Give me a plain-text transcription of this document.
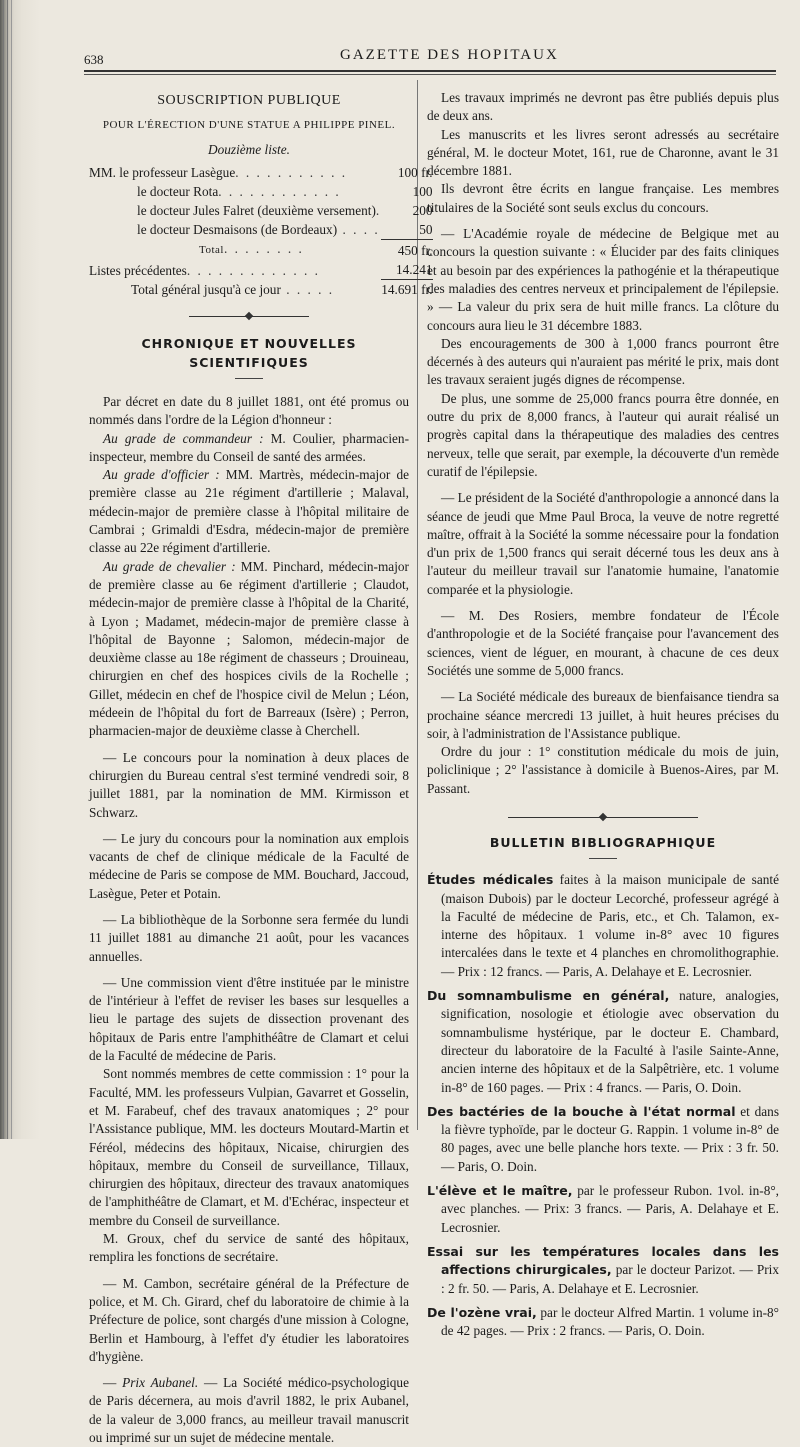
638	GAZETTE DES HOPITAUX

SOUSCRIPTION PUBLIQUE

POUR L'ÉRECTION D'UNE STATUE A PHILIPPE PINEL.

Douzième liste.

MM. le professeur Lasègue. . . . . . . . . . .	100 fr.
le docteur Rota. . . . . . . . . . . .	100
le docteur Jules Falret (deuxième versement).	200
le docteur Desmaisons (de Bordeaux) . . . .	50
Total. . . . . . . .	450 fr.
Listes précédentes. . . . . . . . . . . . .	14.241
Total général jusqu'à ce jour . . . . .	14.691 fr.

CHRONIQUE ET NOUVELLES SCIENTIFIQUES

Par décret en date du 8 juillet 1881, ont été promus ou nommés dans l'ordre de la Légion d'honneur :

Au grade de commandeur : M. Coulier, pharmacien-inspecteur, membre du Conseil de santé des armées.

Au grade d'officier : MM. Martrès, médecin-major de première classe au 21e régiment d'artillerie ; Malaval, médecin-major de première classe à l'hôpital militaire de Cambrai ; Grimaldi d'Esdra, médecin-major de première classe au 22e régiment d'artillerie.

Au grade de chevalier : MM. Pinchard, médecin-major de première classe au 6e régiment d'artillerie ; Claudot, médecin-major de première classe à l'hôpital de la Charité, à Lyon ; Madamet, médecin-major de première classe à l'hôpital de Bayonne ; Salomon, médecin-major de deuxième classe au 18e régiment de chasseurs ; Drouineau, chirurgien en chef des hospices civils de la Rochelle ; Gillet, médecin en chef de l'hospice civil de Melun ; Léon, médeein de l'hôpital du fort de Barreaux (Isère) ; Perron, pharmacien-major de deuxième classe à Cherchell.

— Le concours pour la nomination à deux places de chirurgien du Bureau central s'est terminé vendredi soir, 8 juillet 1881, par la nomination de MM. Kirmisson et Schwarz.

— Le jury du concours pour la nomination aux emplois vacants de chef de clinique médicale de la Faculté de médecine de Paris se compose de MM. Bouchard, Jaccoud, Lasègue, Peter et Potain.

— La bibliothèque de la Sorbonne sera fermée du lundi 11 juillet 1881 au dimanche 21 août, pour les vacances annuelles.

— Une commission vient d'être instituée par le ministre de l'intérieur à l'effet de reviser les bases sur lesquelles a lieu le partage des sujets de dissection provenant des hôpitaux de Paris entre l'amphithéâtre de Clamart et celui de la Faculté de médecine de Paris.

Sont nommés membres de cette commission : 1° pour la Faculté, MM. les professeurs Vulpian, Gavarret et Gosselin, et M. Farabeuf, chef des travaux anatomiques ; 2° pour l'Assistance publique, MM. les docteurs Moutard-Martin et Féréol, médecins des hôpitaux, Nicaise, chirurgien des hôpitaux, membre du Conseil de surveillance, Tillaux, chirurgien des hôpitaux, directeur des travaux anatomiques de l'amphithéâtre de Clamart, et M. d'Echérac, inspecteur et membre du Conseil de surveillance.

M. Groux, chef du service de santé des hôpitaux, remplira les fonctions de secrétaire.

— M. Cambon, secrétaire général de la Préfecture de police, et M. Ch. Girard, chef du laboratoire de chimie à la Préfecture de police, sont chargés d'une mission à Cologne, Berlin et Hambourg, à l'effet d'y étudier les laboratoires d'hygiène.

— Prix Aubanel. — La Société médico-psychologique de Paris décernera, au mois d'avril 1882, le prix Aubanel, de la valeur de 3,000 francs, au meilleur travail manuscrit ou imprimé sur un sujet de médecine mentale.

Les travaux imprimés ne devront pas être publiés depuis plus de deux ans.

Les manuscrits et les livres seront adressés au secrétaire général, M. le docteur Motet, 161, rue de Charonne, avant le 31 décembre 1881.

Ils devront être écrits en langue française. Les membres titulaires de la Société sont seuls exclus du concours.

— L'Académie royale de médecine de Belgique met au concours la question suivante : « Élucider par des faits cliniques et au besoin par des expériences la pathogénie et la thérapeutique des maladies des centres nerveux et principalement de l'épilepsie. » — La valeur du prix sera de huit mille francs. La clôture du concours aura lieu le 31 décembre 1883.

Des encouragements de 300 à 1,000 francs pourront être décernés à des auteurs qui n'auraient pas mérité le prix, mais dont les travaux seraient jugés dignes de récompense.

De plus, une somme de 25,000 francs pourra être donnée, en outre du prix de 8,000 francs, à l'auteur qui aurait réalisé un progrès capital dans la thérapeutique des maladies des centres nerveux, telle que serait, par exemple, la découverte d'un remède curatif de l'épilepsie.

— Le président de la Société d'anthropologie a annoncé dans la séance de jeudi que Mme Paul Broca, la veuve de notre regretté maître, offrait à la Société la somme nécessaire pour la fondation d'un prix de 1,500 francs qui serait décerné tous les deux ans à l'auteur du meilleur travail sur l'anatomie humaine, l'anatomie comparée et la physiologie.

— M. Des Rosiers, membre fondateur de l'École d'anthropologie et de la Société française pour l'avancement des sciences, vient de léguer, en mourant, à chacune de ces deux Sociétés une somme de 5,000 francs.

— La Société médicale des bureaux de bienfaisance tiendra sa prochaine séance mercredi 13 juillet, à huit heures précises du soir, à l'administration de l'Assistance publique.

Ordre du jour : 1° constitution médicale du mois de juin, policlinique ; 2° l'assistance à domicile à Buenos-Aires, par M. Passant.

BULLETIN BIBLIOGRAPHIQUE

Études médicales faites à la maison municipale de santé (maison Dubois) par le docteur Lecorché, professeur agrégé à la Faculté de médecine de Paris, etc., et Ch. Talamon, ex-interne des hôpitaux. 1 volume in-8° avec 10 figures intercalées dans le texte et 4 planches en chromolithographie. — Prix : 12 francs. — Paris, A. Delahaye et E. Lecrosnier.

Du somnambulisme en général, nature, analogies, signification, nosologie et étiologie avec observation du somnambulisme hystérique, par le docteur E. Chambard, directeur du laboratoire de la Faculté à l'asile Sainte-Anne, ancien interne des hôpitaux et de la Salpêtrière, etc. 1 volume in-8° de 160 pages. — Prix : 4 francs. — Paris, O. Doin.

Des bactéries de la bouche à l'état normal et dans la fièvre typhoïde, par le docteur G. Rappin. 1 volume in-8° de 80 pages, avec une belle planche hors texte. — Prix : 3 fr. 50. — Paris, O. Doin.

L'élève et le maître, par le professeur Rubon. 1vol. in-8°, avec planches. — Prix: 3 francs. — Paris, A. Delahaye et E. Lecrosnier.

Essai sur les températures locales dans les affections chirurgicales, par le docteur Parizot. — Prix : 2 fr. 50. — Paris, A. Delahaye et E. Lecrosnier.

De l'ozène vrai, par le docteur Alfred Martin. 1 volume in-8° de 42 pages. — Prix : 2 francs. — Paris, O. Doin.
